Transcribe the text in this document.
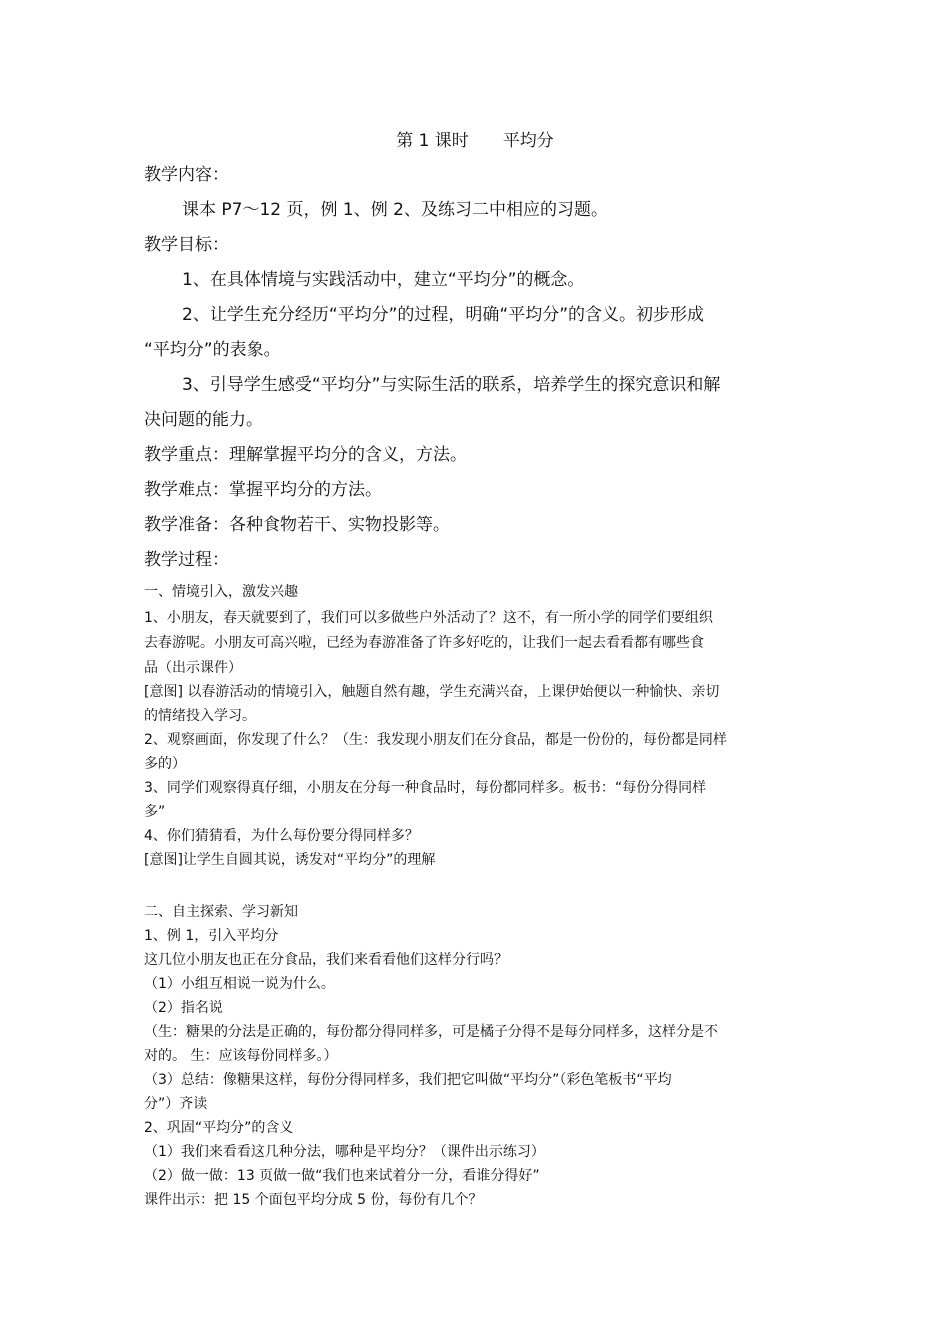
第 1 课时 平均分

教学内容：

课本 P7～12 页，例 1、例 2、及练习二中相应的习题。

教学目标：

1、在具体情境与实践活动中，建立“平均分”的概念。

2、让学生充分经历“平均分”的过程，明确“平均分”的含义。初步形成

“平均分”的表象。

3、引导学生感受“平均分”与实际生活的联系，培养学生的探究意识和解

决问题的能力。

教学重点：理解掌握平均分的含义，方法。

教学难点：掌握平均分的方法。

教学准备：各种食物若干、实物投影等。

教学过程：

一、情境引入，激发兴趣

1、小朋友，春天就要到了，我们可以多做些户外活动了？这不，有一所小学的同学们要组织

去春游呢。小朋友可高兴啦，已经为春游准备了许多好吃的，让我们一起去看看都有哪些食

品（出示课件）

[意图] 以春游活动的情境引入，触题自然有趣，学生充满兴奋，上课伊始便以一种愉快、亲切

的情绪投入学习。

2、观察画面，你发现了什么？（生：我发现小朋友们在分食品，都是一份份的，每份都是同样

多的）

3、同学们观察得真仔细，小朋友在分每一种食品时，每份都同样多。板书：“每份分得同样

多”

4、你们猜猜看，为什么每份要分得同样多？

[意图]让学生自圆其说，诱发对“平均分”的理解

二、自主探索、学习新知

1、例 1，引入平均分

这几位小朋友也正在分食品，我们来看看他们这样分行吗？

（1）小组互相说一说为什么。

（2）指名说

（生：糖果的分法是正确的，每份都分得同样多，可是橘子分得不是每分同样多，这样分是不

对的。 生：应该每份同样多。）

（3）总结：像糖果这样，每份分得同样多，我们把它叫做“平均分”（彩色笔板书“平均

分”）齐读

2、巩固“平均分”的含义

（1）我们来看看这几种分法，哪种是平均分？（课件出示练习）

（2）做一做：13 页做一做“我们也来试着分一分，看谁分得好”

课件出示：把 15 个面包平均分成 5 份，每份有几个？
